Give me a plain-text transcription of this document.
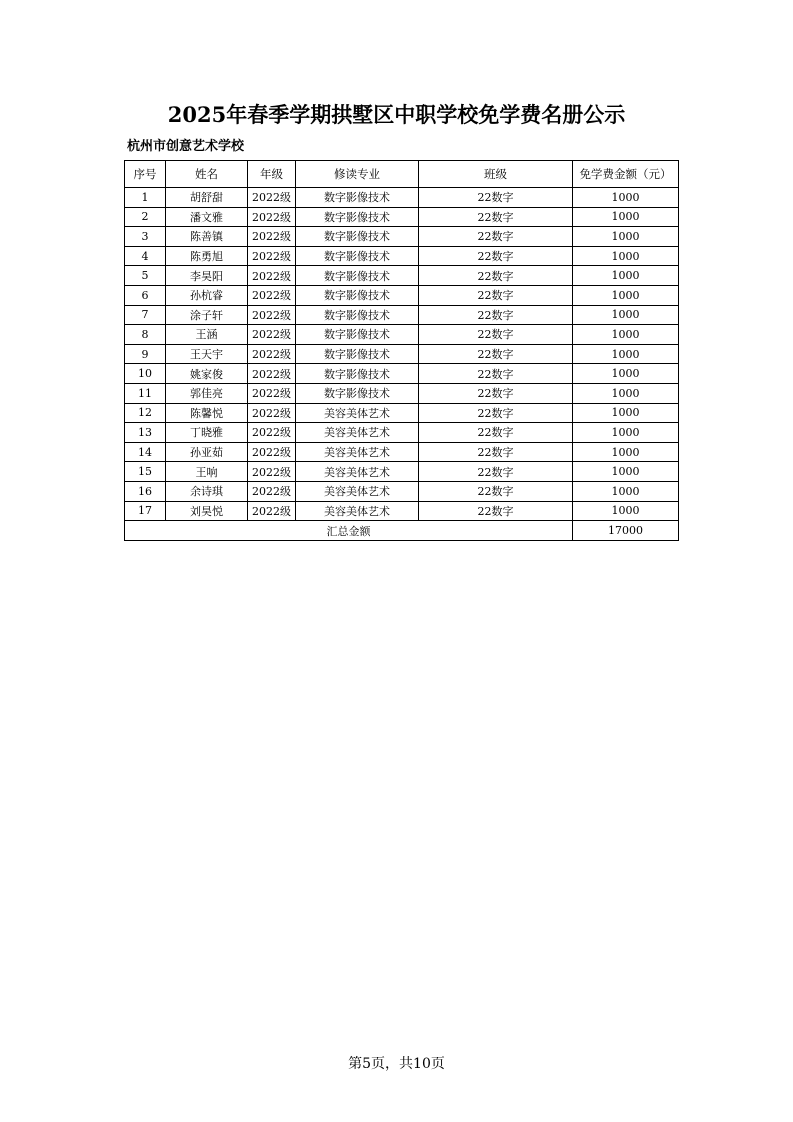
2025年春季学期拱墅区中职学校免学费名册公示
杭州市创意艺术学校
序号	姓名	年级	修读专业	班级	免学费金额（元）
1	胡舒甜	2022级	数字影像技术	22数字	1000
2	潘文雅	2022级	数字影像技术	22数字	1000
3	陈善镇	2022级	数字影像技术	22数字	1000
4	陈勇旭	2022级	数字影像技术	22数字	1000
5	李昊阳	2022级	数字影像技术	22数字	1000
6	孙杭睿	2022级	数字影像技术	22数字	1000
7	涂子轩	2022级	数字影像技术	22数字	1000
8	王涵	2022级	数字影像技术	22数字	1000
9	王天宇	2022级	数字影像技术	22数字	1000
10	姚家俊	2022级	数字影像技术	22数字	1000
11	郭佳亮	2022级	数字影像技术	22数字	1000
12	陈馨悦	2022级	美容美体艺术	22数字	1000
13	丁晓雅	2022级	美容美体艺术	22数字	1000
14	孙亚茹	2022级	美容美体艺术	22数字	1000
15	王响	2022级	美容美体艺术	22数字	1000
16	余诗琪	2022级	美容美体艺术	22数字	1000
17	刘昊悦	2022级	美容美体艺术	22数字	1000
汇总金额					17000
第5页，共10页
